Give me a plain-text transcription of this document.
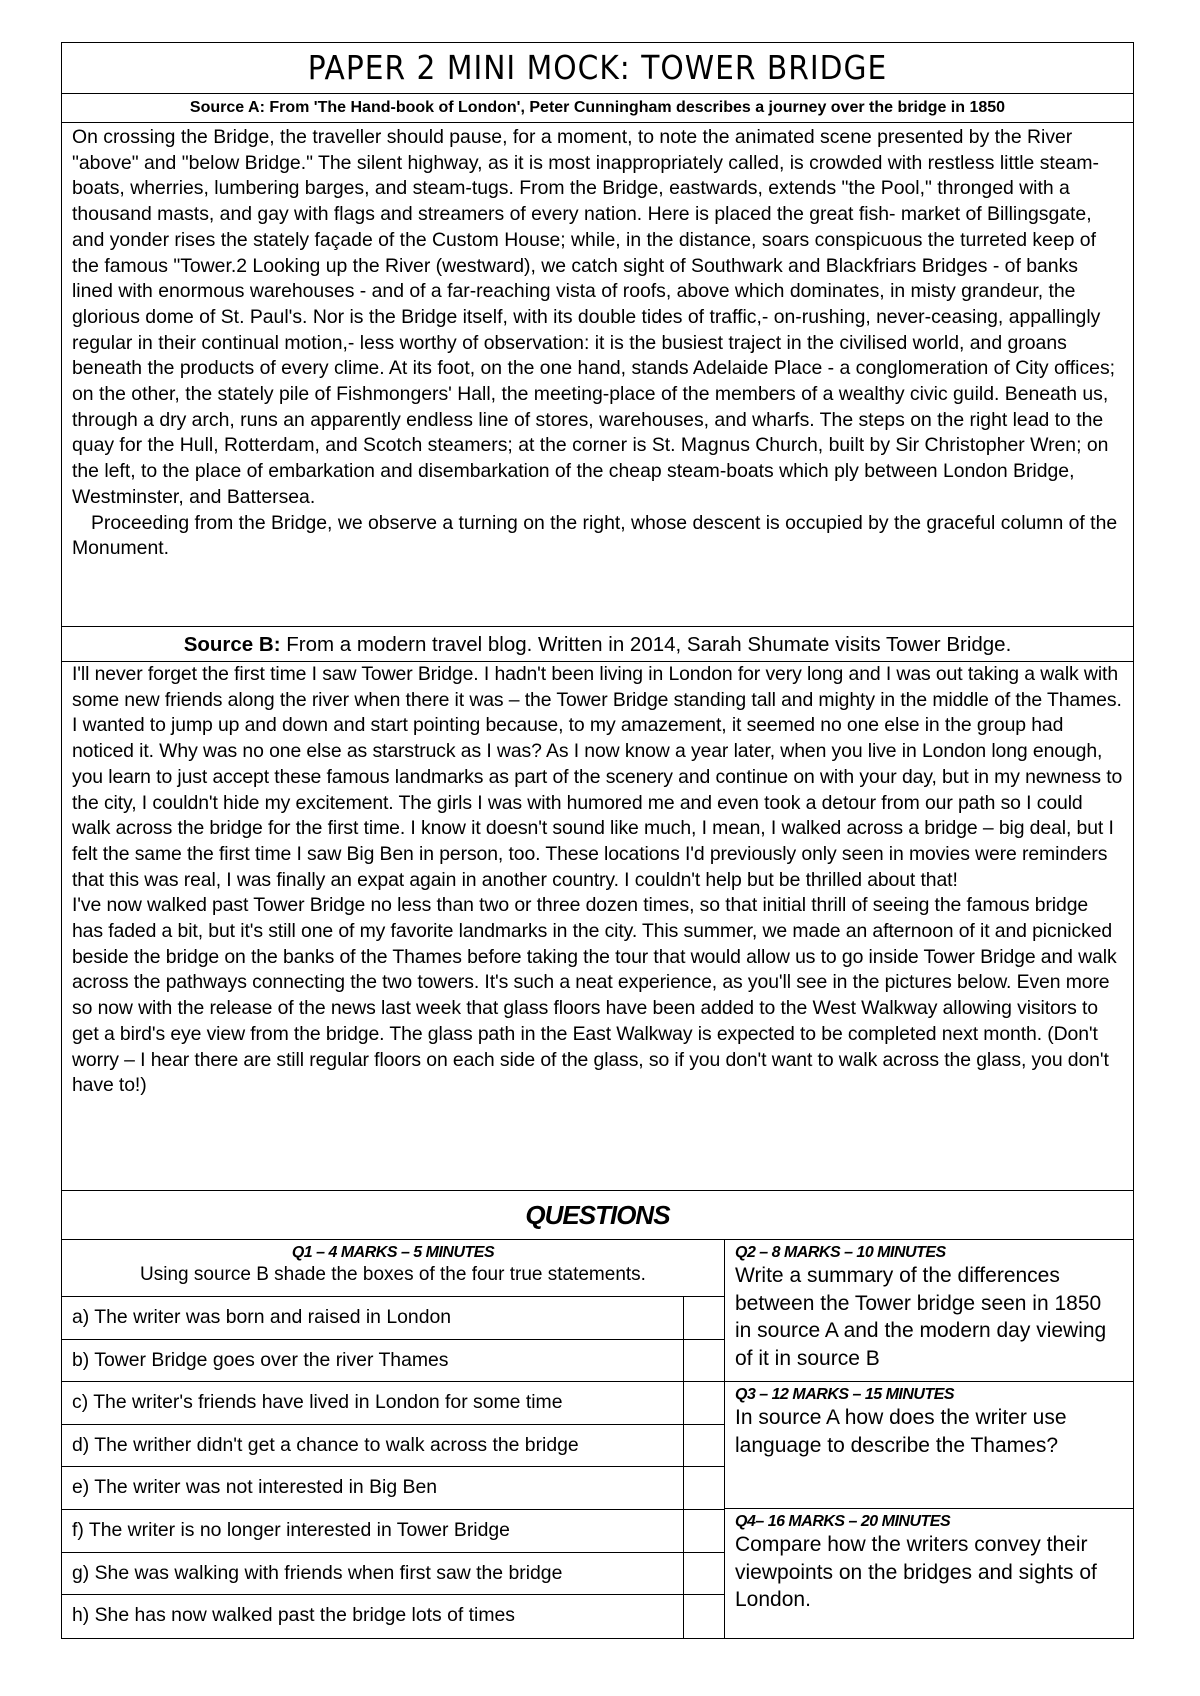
PAPER 2 MINI MOCK: TOWER BRIDGE
Source A: From 'The Hand-book of London', Peter Cunningham describes a journey over the bridge in 1850

On crossing the Bridge, the traveller should pause, for a moment, to note the animated scene presented by the River "above" and "below Bridge." The silent highway, as it is most inappropriately called, is crowded with restless little steam-boats, wherries, lumbering barges, and steam-tugs. From the Bridge, eastwards, extends "the Pool," thronged with a thousand masts, and gay with flags and streamers of every nation. Here is placed the great fish- market of Billingsgate, and yonder rises the stately façade of the Custom House; while, in the distance, soars conspicuous the turreted keep of the famous "Tower.2 Looking up the River (westward), we catch sight of Southwark and Blackfriars Bridges - of banks lined with enormous warehouses - and of a far-reaching vista of roofs, above which dominates, in misty grandeur, the glorious dome of St. Paul's. Nor is the Bridge itself, with its double tides of traffic,- on-rushing, never-ceasing, appallingly regular in their continual motion,- less worthy of observation: it is the busiest traject in the civilised world, and groans beneath the products of every clime. At its foot, on the one hand, stands Adelaide Place - a conglomeration of City offices; on the other, the stately pile of Fishmongers' Hall, the meeting-place of the members of a wealthy civic guild. Beneath us, through a dry arch, runs an apparently endless line of stores, warehouses, and wharfs. The steps on the right lead to the quay for the Hull, Rotterdam, and Scotch steamers; at the corner is St. Magnus Church, built by Sir Christopher Wren; on the left, to the place of embarkation and disembarkation of the cheap steam-boats which ply between London Bridge, Westminster, and Battersea.

Proceeding from the Bridge, we observe a turning on the right, whose descent is occupied by the graceful column of the Monument.

Source B: From a modern travel blog. Written in 2014, Sarah Shumate visits Tower Bridge.

I'll never forget the first time I saw Tower Bridge. I hadn't been living in London for very long and I was out taking a walk with some new friends along the river when there it was – the Tower Bridge standing tall and mighty in the middle of the Thames. I wanted to jump up and down and start pointing because, to my amazement, it seemed no one else in the group had noticed it. Why was no one else as starstruck as I was? As I now know a year later, when you live in London long enough, you learn to just accept these famous landmarks as part of the scenery and continue on with your day, but in my newness to the city, I couldn't hide my excitement. The girls I was with humored me and even took a detour from our path so I could walk across the bridge for the first time. I know it doesn't sound like much, I mean, I walked across a bridge – big deal, but I felt the same the first time I saw Big Ben in person, too. These locations I'd previously only seen in movies were reminders that this was real, I was finally an expat again in another country. I couldn't help but be thrilled about that!

I've now walked past Tower Bridge no less than two or three dozen times, so that initial thrill of seeing the famous bridge has faded a bit, but it's still one of my favorite landmarks in the city. This summer, we made an afternoon of it and picnicked beside the bridge on the banks of the Thames before taking the tour that would allow us to go inside Tower Bridge and walk across the pathways connecting the two towers. It's such a neat experience, as you'll see in the pictures below. Even more so now with the release of the news last week that glass floors have been added to the West Walkway allowing visitors to get a bird's eye view from the bridge. The glass path in the East Walkway is expected to be completed next month. (Don't worry – I hear there are still regular floors on each side of the glass, so if you don't want to walk across the glass, you don't have to!)

QUESTIONS
Q1 – 4 MARKS – 5 MINUTES
Using source B shade the boxes of the four true statements.
a) The writer was born and raised in London
b) Tower Bridge goes over the river Thames
c) The writer's friends have lived in London for some time
d) The writher didn't get a chance to walk across the bridge
e) The writer was not interested in Big Ben
f) The writer is no longer interested in Tower Bridge
g) She was walking with friends when first saw the bridge
h) She has now walked past the bridge lots of times
Q2 – 8 MARKS – 10 MINUTES
Write a summary of the differences between the Tower bridge seen in 1850 in source A and the modern day viewing of it in source B
Q3 – 12 MARKS – 15 MINUTES
In source A how does the writer use language to describe the Thames?
Q4– 16 MARKS – 20 MINUTES
Compare how the writers convey their viewpoints on the bridges and sights of London.
